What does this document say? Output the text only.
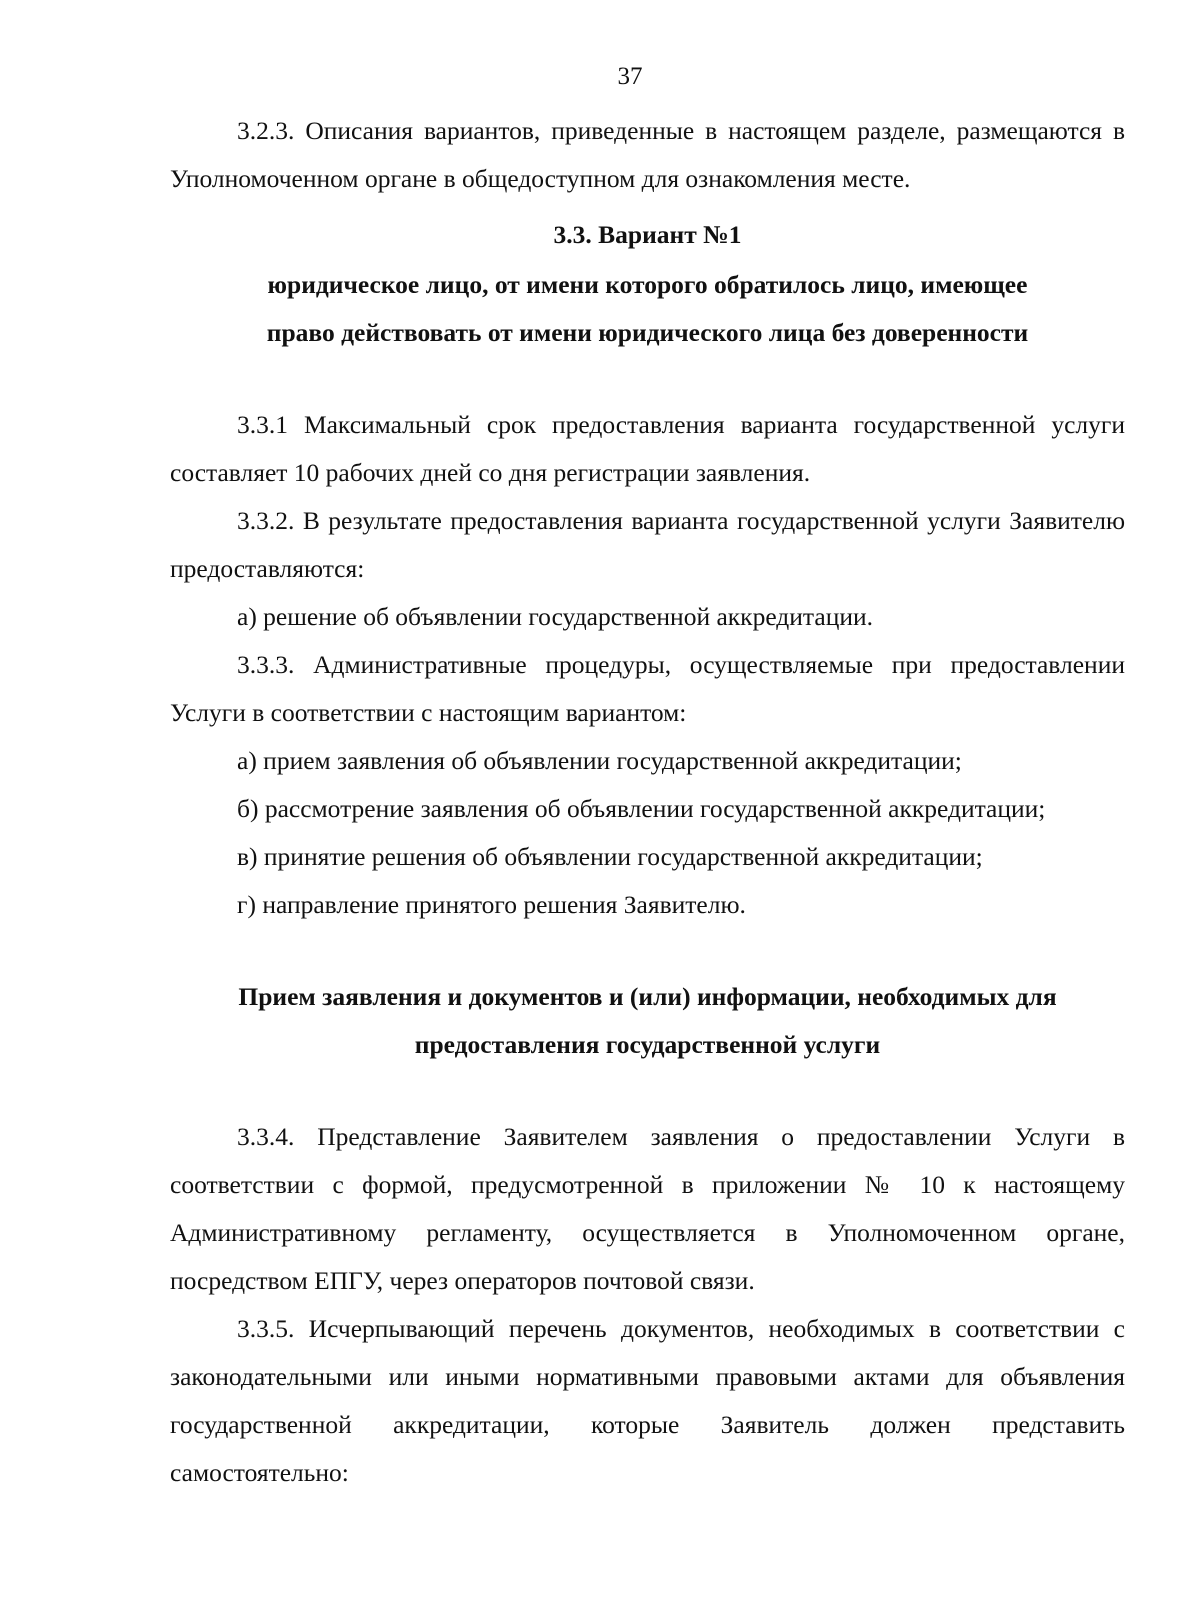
37

3.2.3. Описания вариантов, приведенные в настоящем разделе, размещаются в Уполномоченном органе в общедоступном для ознакомления месте.

3.3. Вариант №1

юридическое лицо, от имени которого обратилось лицо, имеющее

право действовать от имени юридического лица без доверенности

3.3.1 Максимальный срок предоставления варианта государственной услуги составляет 10 рабочих дней со дня регистрации заявления.

3.3.2. В результате предоставления варианта государственной услуги Заявителю предоставляются:

а) решение об объявлении государственной аккредитации.

3.3.3. Административные процедуры, осуществляемые при предоставлении Услуги в соответствии с настоящим вариантом:

а) прием заявления об объявлении государственной аккредитации;

б) рассмотрение заявления об объявлении государственной аккредитации;

в) принятие решения об объявлении государственной аккредитации;

г) направление принятого решения Заявителю.

Прием заявления и документов и (или) информации, необходимых для

предоставления государственной услуги

3.3.4. Представление Заявителем заявления о предоставлении Услуги в соответствии с формой, предусмотренной в приложении № 10 к настоящему Административному регламенту, осуществляется в Уполномоченном органе, посредством ЕПГУ, через операторов почтовой связи.

3.3.5. Исчерпывающий перечень документов, необходимых в соответствии с законодательными или иными нормативными правовыми актами для объявления государственной аккредитации, которые Заявитель должен представить самостоятельно:
